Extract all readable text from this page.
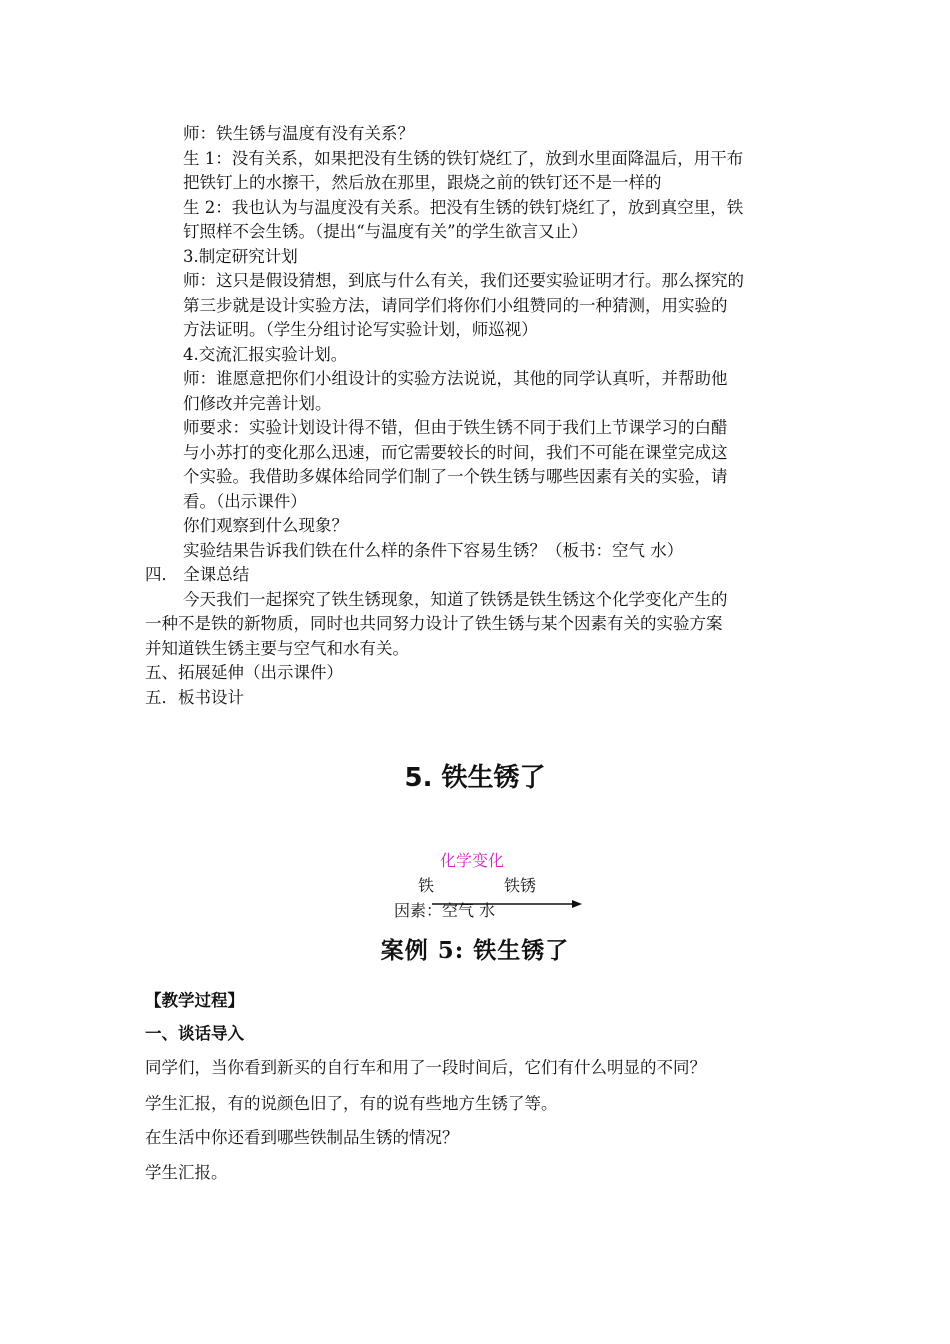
师：铁生锈与温度有没有关系？
生 1：没有关系，如果把没有生锈的铁钉烧红了，放到水里面降温后，用干布
把铁钉上的水擦干，然后放在那里，跟烧之前的铁钉还不是一样的
生 2：我也认为与温度没有关系。把没有生锈的铁钉烧红了，放到真空里，铁
钉照样不会生锈。（提出“与温度有关”的学生欲言又止）
3.制定研究计划
师：这只是假设猜想，到底与什么有关，我们还要实验证明才行。那么探究的
第三步就是设计实验方法，请同学们将你们小组赞同的一种猜测，用实验的
方法证明。（学生分组讨论写实验计划，师巡视）
4.交流汇报实验计划。
师：谁愿意把你们小组设计的实验方法说说，其他的同学认真听，并帮助他
们修改并完善计划。
师要求：实验计划设计得不错，但由于铁生锈不同于我们上节课学习的白醋
与小苏打的变化那么迅速，而它需要较长的时间，我们不可能在课堂完成这
个实验。我借助多媒体给同学们制了一个铁生锈与哪些因素有关的实验，请
看。（出示课件）
你们观察到什么现象？
实验结果告诉我们铁在什么样的条件下容易生锈？（板书：空气 水）
四． 全课总结
今天我们一起探究了铁生锈现象，知道了铁锈是铁生锈这个化学变化产生的
一种不是铁的新物质，同时也共同努力设计了铁生锈与某个因素有关的实验方案
并知道铁生锈主要与空气和水有关。
五、拓展延伸（出示课件）
五．板书设计
5. 铁生锈了
化学变化
铁	铁锈
因素：空气 水
案例 5: 铁生锈了
【教学过程】
一、谈话导入
同学们，当你看到新买的自行车和用了一段时间后，它们有什么明显的不同？
学生汇报，有的说颜色旧了，有的说有些地方生锈了等。
在生活中你还看到哪些铁制品生锈的情况？
学生汇报。
